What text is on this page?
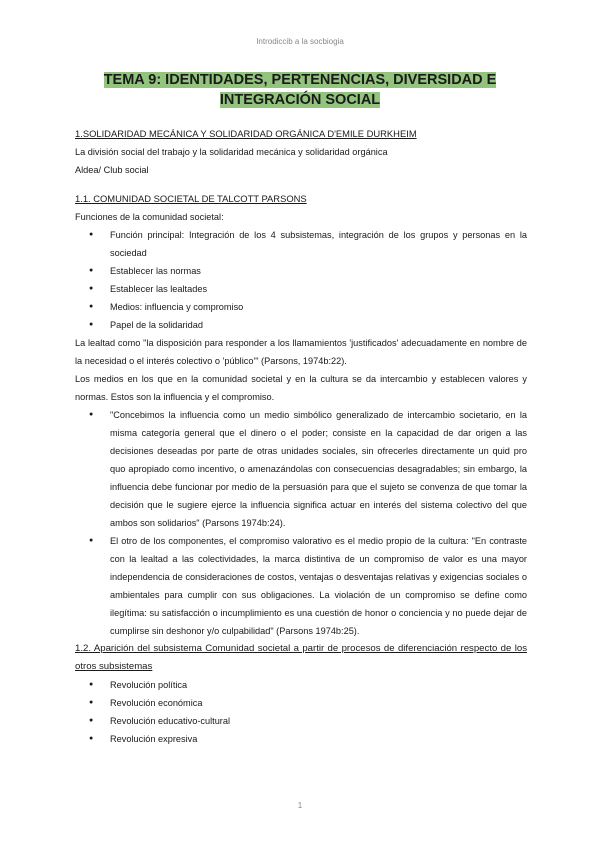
Introdiccib a la socbiogia
TEMA 9: IDENTIDADES, PERTENENCIAS, DIVERSIDAD E
INTEGRACIÓN SOCIAL

1.SOLIDARIDAD MECÁNICA Y SOLIDARIDAD ORGÁNICA D'EMILE DURKHEIM

La división social del trabajo y la solidaridad mecánica y solidaridad orgánica

Aldea/ Club social

1.1. COMUNIDAD SOCIETAL DE TALCOTT PARSONS

Funciones de la comunidad societal:

● Función principal: Integración de los 4 subsistemas, integración de los grupos y personas en la sociedad
● Establecer las normas
● Establecer las lealtades
● Medios: influencia y compromiso
● Papel de la solidaridad

La lealtad como "la disposición para responder a los llamamientos 'justificados' adecuadamente en nombre de la necesidad o el interés colectivo o 'público'" (Parsons, 1974b:22).

Los medios en los que en la comunidad societal y en la cultura se da intercambio y establecen valores y normas. Estos son la influencia y el compromiso.

● "Concebimos la influencia como un medio simbólico generalizado de intercambio societario, en la misma categoría general que el dinero o el poder; consiste en la capacidad de dar origen a las decisiones deseadas por parte de otras unidades sociales, sin ofrecerles directamente un quid pro quo apropiado como incentivo, o amenazándolas con consecuencias desagradables; sin embargo, la influencia debe funcionar por medio de la persuasión para que el sujeto se convenza de que tomar la decisión que le sugiere ejerce la influencia significa actuar en interés del sistema colectivo del que ambos son solidarios" (Parsons 1974b:24).
● El otro de los componentes, el compromiso valorativo es el medio propio de la cultura: "En contraste con la lealtad a las colectividades, la marca distintiva de un compromiso de valor es una mayor independencia de consideraciones de costos, ventajas o desventajas relativas y exigencias sociales o ambientales para cumplir con sus obligaciones. La violación de un compromiso se define como ilegítima: su satisfacción o incumplimiento es una cuestión de honor o conciencia y no puede dejar de cumplirse sin deshonor y/o culpabilidad" (Parsons 1974b:25).

1.2. Aparición del subsistema Comunidad societal a partir de procesos de diferenciación respecto de los otros subsistemas

● Revolución política
● Revolución económica
● Revolución educativo-cultural
● Revolución expresiva
1
